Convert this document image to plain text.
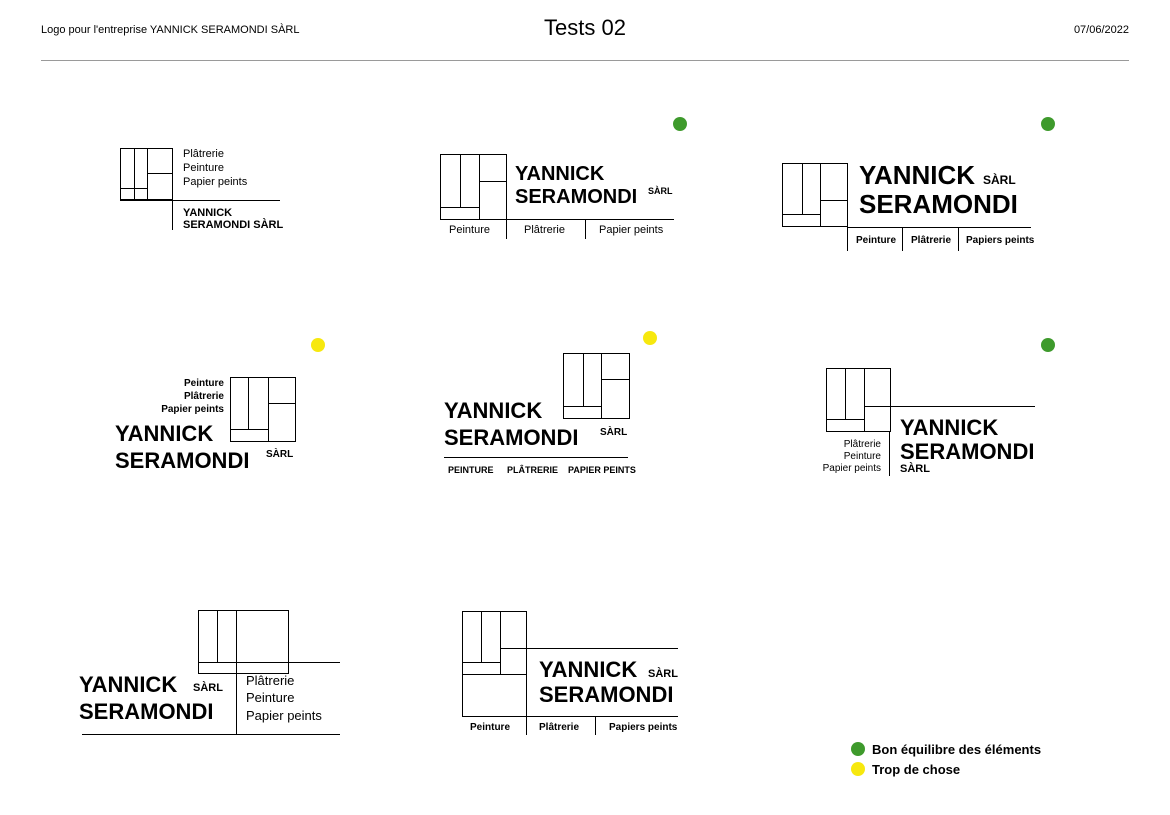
Logo pour l'entreprise YANNICK SERAMONDI SÀRL	Tests 02	07/06/2022
Plâtrerie
Peinture
Papier peints
YANNICK
SERAMONDI SÀRL
YANNICK
SERAMONDI SÀRL
Peinture	Plâtrerie	Papier peints
YANNICK SÀRL
SERAMONDI
Peinture Plâtrerie Papiers peints
Peinture
Plâtrerie
Papier peints
YANNICK
SERAMONDI SÀRL
YANNICK
SERAMONDI SÀRL
PEINTURE PLÂTRERIE PAPIER PEINTS
Plâtrerie
Peinture
Papier peints
YANNICK
SERAMONDI
SÀRL
YANNICK SÀRL
SERAMONDI
Plâtrerie
Peinture
Papier peints
YANNICK SÀRL
SERAMONDI
Peinture	Plâtrerie	Papiers peints
Bon équilibre des éléments
Trop de chose
